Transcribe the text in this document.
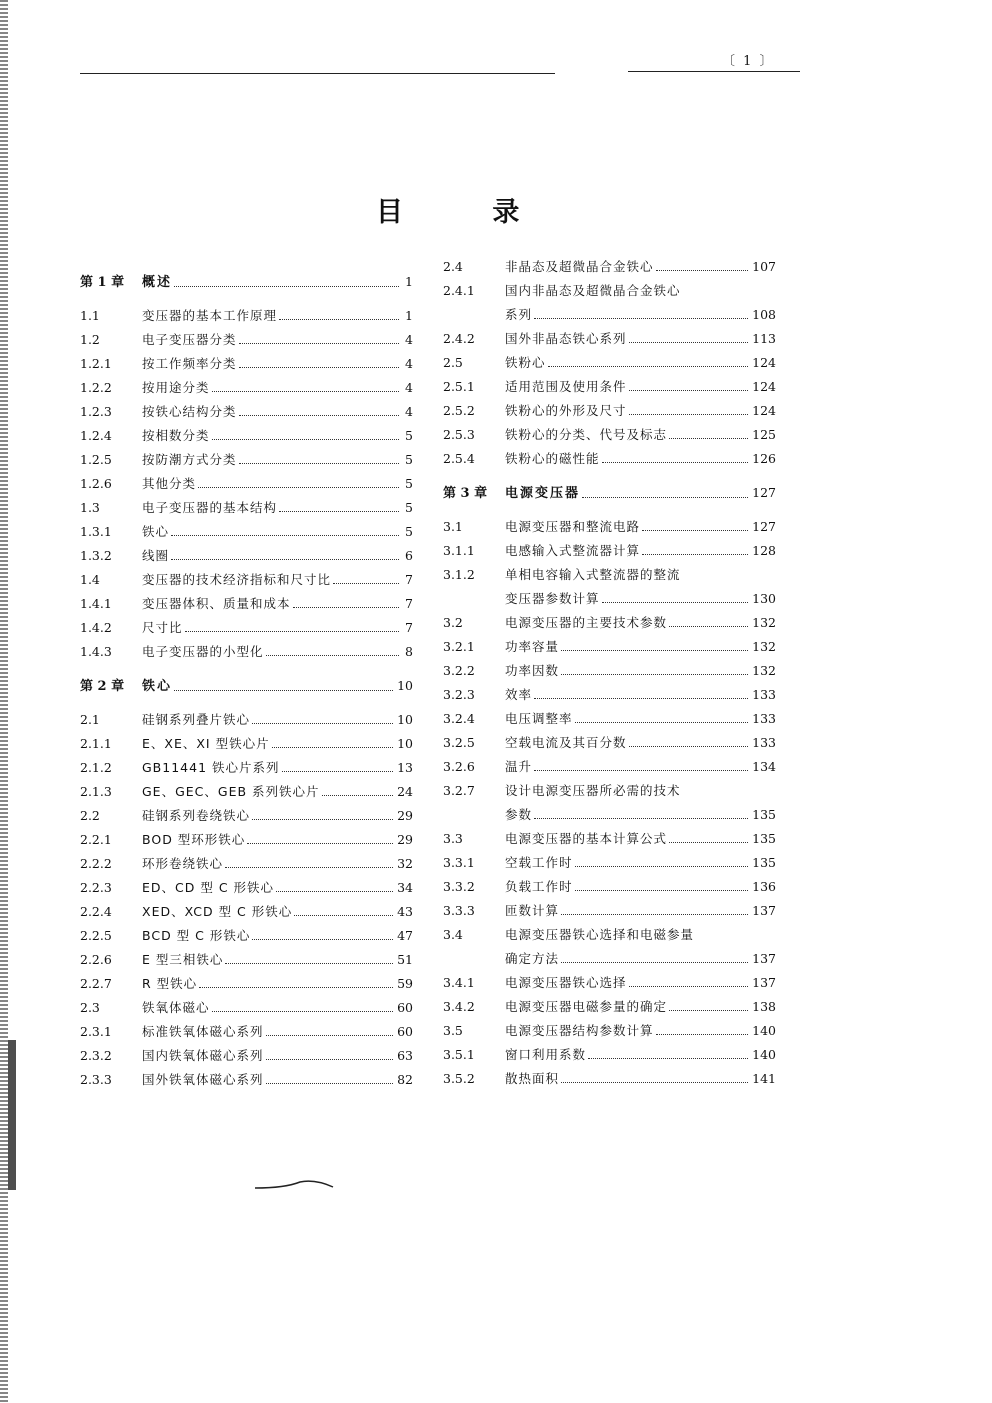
〔 1 〕
目 录
第 1 章	概述	1
1.1	变压器的基本工作原理	1
1.2	电子变压器分类	4
1.2.1	按工作频率分类	4
1.2.2	按用途分类	4
1.2.3	按铁心结构分类	4
1.2.4	按相数分类	5
1.2.5	按防潮方式分类	5
1.2.6	其他分类	5
1.3	电子变压器的基本结构	5
1.3.1	铁心	5
1.3.2	线圈	6
1.4	变压器的技术经济指标和尺寸比	7
1.4.1	变压器体积、质量和成本	7
1.4.2	尺寸比	7
1.4.3	电子变压器的小型化	8
第 2 章	铁心	10
2.1	硅钢系列叠片铁心	10
2.1.1	E、XE、XI 型铁心片	10
2.1.2	GB11441 铁心片系列	13
2.1.3	GE、GEC、GEB 系列铁心片	24
2.2	硅钢系列卷绕铁心	29
2.2.1	BOD 型环形铁心	29
2.2.2	环形卷绕铁心	32
2.2.3	ED、CD 型 C 形铁心	34
2.2.4	XED、XCD 型 C 形铁心	43
2.2.5	BCD 型 C 形铁心	47
2.2.6	E 型三相铁心	51
2.2.7	R 型铁心	59
2.3	铁氧体磁心	60
2.3.1	标准铁氧体磁心系列	60
2.3.2	国内铁氧体磁心系列	63
2.3.3	国外铁氧体磁心系列	82
2.4	非晶态及超微晶合金铁心	107
2.4.1	国内非晶态及超微晶合金铁心
系列	108
2.4.2	国外非晶态铁心系列	113
2.5	铁粉心	124
2.5.1	适用范围及使用条件	124
2.5.2	铁粉心的外形及尺寸	124
2.5.3	铁粉心的分类、代号及标志	125
2.5.4	铁粉心的磁性能	126
第 3 章	电源变压器	127
3.1	电源变压器和整流电路	127
3.1.1	电感输入式整流器计算	128
3.1.2	单相电容输入式整流器的整流
变压器参数计算	130
3.2	电源变压器的主要技术参数	132
3.2.1	功率容量	132
3.2.2	功率因数	132
3.2.3	效率	133
3.2.4	电压调整率	133
3.2.5	空载电流及其百分数	133
3.2.6	温升	134
3.2.7	设计电源变压器所必需的技术
参数	135
3.3	电源变压器的基本计算公式	135
3.3.1	空载工作时	135
3.3.2	负载工作时	136
3.3.3	匝数计算	137
3.4	电源变压器铁心选择和电磁参量
确定方法	137
3.4.1	电源变压器铁心选择	137
3.4.2	电源变压器电磁参量的确定	138
3.5	电源变压器结构参数计算	140
3.5.1	窗口利用系数	140
3.5.2	散热面积	141
